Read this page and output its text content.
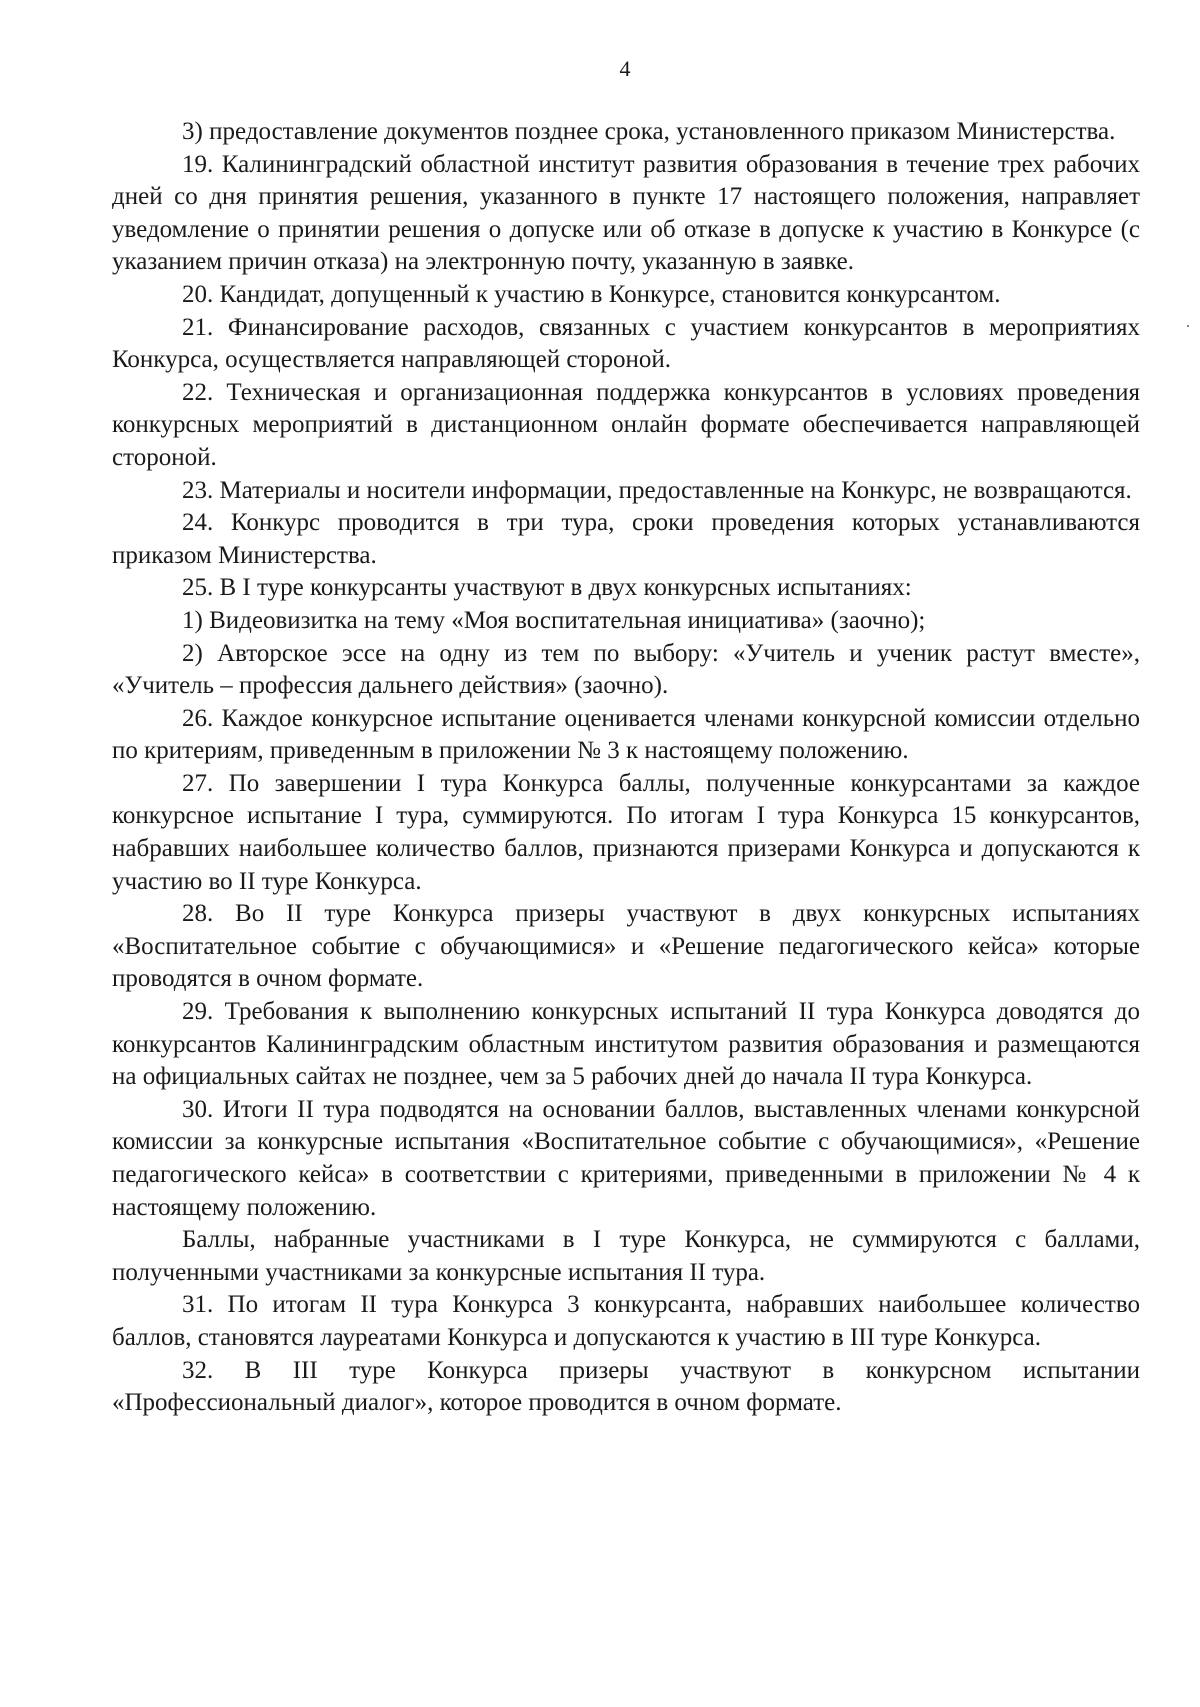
4

3) предоставление документов позднее срока, установленного приказом Министерства.

19. Калининградский областной институт развития образования в течение трех рабочих дней со дня принятия решения, указанного в пункте 17 настоящего положения, направляет уведомление о принятии решения о допуске или об отказе в допуске к участию в Конкурсе (с указанием причин отказа) на электронную почту, указанную в заявке.

20. Кандидат, допущенный к участию в Конкурсе, становится конкурсантом.

21. Финансирование расходов, связанных с участием конкурсантов в мероприятиях Конкурса, осуществляется направляющей стороной.

22. Техническая и организационная поддержка конкурсантов в условиях проведения конкурсных мероприятий в дистанционном онлайн формате обеспечивается направляющей стороной.

23. Материалы и носители информации, предоставленные на Конкурс, не возвращаются.

24. Конкурс проводится в три тура, сроки проведения которых устанавливаются приказом Министерства.

25. В I туре конкурсанты участвуют в двух конкурсных испытаниях:

1) Видеовизитка на тему «Моя воспитательная инициатива» (заочно);

2) Авторское эссе на одну из тем по выбору: «Учитель и ученик растут вместе», «Учитель – профессия дальнего действия» (заочно).

26. Каждое конкурсное испытание оценивается членами конкурсной комиссии отдельно по критериям, приведенным в приложении № 3 к настоящему положению.

27. По завершении I тура Конкурса баллы, полученные конкурсантами за каждое конкурсное испытание I тура, суммируются. По итогам I тура Конкурса 15 конкурсантов, набравших наибольшее количество баллов, признаются призерами Конкурса и допускаются к участию во II туре Конкурса.

28. Во II туре Конкурса призеры участвуют в двух конкурсных испытаниях «Воспитательное событие с обучающимися» и «Решение педагогического кейса» которые проводятся в очном формате.

29. Требования к выполнению конкурсных испытаний II тура Конкурса доводятся до конкурсантов Калининградским областным институтом развития образования и размещаются на официальных сайтах не позднее, чем за 5 рабочих дней до начала II тура Конкурса.

30. Итоги II тура подводятся на основании баллов, выставленных членами конкурсной комиссии за конкурсные испытания «Воспитательное событие с обучающимися», «Решение педагогического кейса» в соответствии с критериями, приведенными в приложении № 4 к настоящему положению.

Баллы, набранные участниками в I туре Конкурса, не суммируются с баллами, полученными участниками за конкурсные испытания II тура.

31. По итогам II тура Конкурса 3 конкурсанта, набравших наибольшее количество баллов, становятся лауреатами Конкурса и допускаются к участию в III туре Конкурса.

32. В III туре Конкурса призеры участвуют в конкурсном испытании «Профессиональный диалог», которое проводится в очном формате.
